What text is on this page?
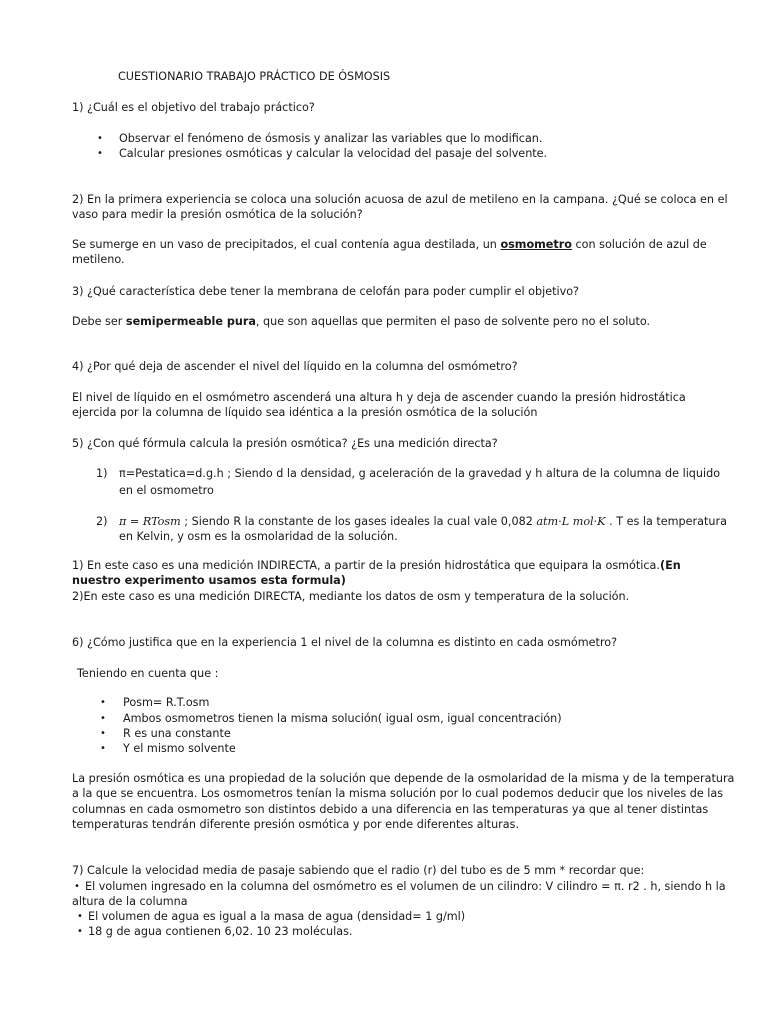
CUESTIONARIO TRABAJO PRÁCTICO DE ÓSMOSIS
1) ¿Cuál es el objetivo del trabajo práctico?
• Observar el fenómeno de ósmosis y analizar las variables que lo modifican.
• Calcular presiones osmóticas y calcular la velocidad del pasaje del solvente.
2) En la primera experiencia se coloca una solución acuosa de azul de metileno en la campana. ¿Qué se coloca en el
vaso para medir la presión osmótica de la solución?
Se sumerge en un vaso de precipitados, el cual contenía agua destilada, un osmometro con solución de azul de
metileno.
3) ¿Qué característica debe tener la membrana de celofán para poder cumplir el objetivo?
Debe ser semipermeable pura, que son aquellas que permiten el paso de solvente pero no el soluto.
4) ¿Por qué deja de ascender el nivel del líquido en la columna del osmómetro?
El nivel de líquido en el osmómetro ascenderá una altura h y deja de ascender cuando la presión hidrostática
ejercida por la columna de líquido sea idéntica a la presión osmótica de la solución
5) ¿Con qué fórmula calcula la presión osmótica? ¿Es una medición directa?
1) π=Pestatica=d.g.h ; Siendo d la densidad, g aceleración de la gravedad y h altura de la columna de liquido
en el osmometro
2) π = RTosm ; Siendo R la constante de los gases ideales la cual vale 0,082 atm·L mol·K . T es la temperatura
en Kelvin, y osm es la osmolaridad de la solución.
1) En este caso es una medición INDIRECTA, a partir de la presión hidrostática que equipara la osmótica.(En
nuestro experimento usamos esta formula)
2)En este caso es una medición DIRECTA, mediante los datos de osm y temperatura de la solución.
6) ¿Cómo justifica que en la experiencia 1 el nivel de la columna es distinto en cada osmómetro?
Teniendo en cuenta que :
• Posm= R.T.osm
• Ambos osmometros tienen la misma solución( igual osm, igual concentración)
• R es una constante
• Y el mismo solvente
La presión osmótica es una propiedad de la solución que depende de la osmolaridad de la misma y de la temperatura
a la que se encuentra. Los osmometros tenían la misma solución por lo cual podemos deducir que los niveles de las
columnas en cada osmometro son distintos debido a una diferencia en las temperaturas ya que al tener distintas
temperaturas tendrán diferente presión osmótica y por ende diferentes alturas.
7) Calcule la velocidad media de pasaje sabiendo que el radio (r) del tubo es de 5 mm * recordar que:
• El volumen ingresado en la columna del osmómetro es el volumen de un cilindro: V cilindro = π. r2 . h, siendo h la
altura de la columna
• El volumen de agua es igual a la masa de agua (densidad= 1 g/ml)
• 18 g de agua contienen 6,02. 10 23 moléculas.
